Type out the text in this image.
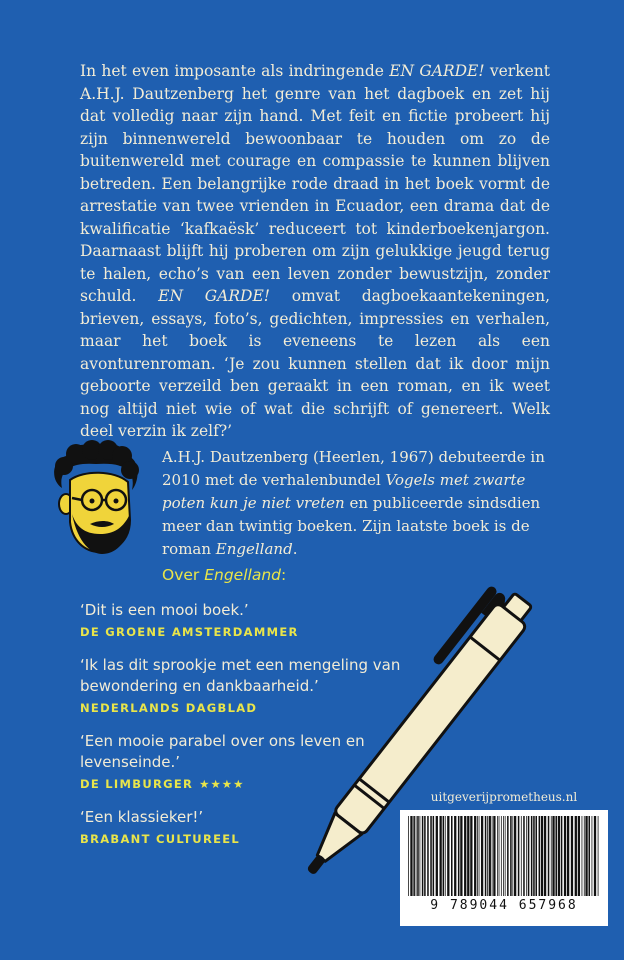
In het even imposante als indringende EN GARDE! verkent A.H.J. Dautzenberg het genre van het dagboek en zet hij dat volledig naar zijn hand. Met feit en fictie probeert hij zijn binnenwereld bewoonbaar te houden om zo de buitenwereld met courage en compassie te kunnen blijven betreden. Een belangrijke rode draad in het boek vormt de arrestatie van twee vrienden in Ecuador, een drama dat de kwalificatie ‘kafkaësk’ reduceert tot kinderboekenjargon. Daarnaast blijft hij proberen om zijn gelukkige jeugd terug te halen, echo’s van een leven zonder bewustzijn, zonder schuld. EN GARDE! omvat dagboekaantekeningen, brieven, essays, foto’s, gedichten, impressies en verhalen, maar het boek is eveneens te lezen als een avonturenroman. ‘Je zou kunnen stellen dat ik door mijn geboorte verzeild ben geraakt in een roman, en ik weet nog altijd niet wie of wat die schrijft of genereert. Welk deel verzin ik zelf?’

A.H.J. Dautzenberg (Heerlen, 1967) debuteerde in 2010 met de verhalenbundel Vogels met zwarte poten kun je niet vreten en publiceerde sindsdien meer dan twintig boeken. Zijn laatste boek is de roman Engelland.

Over Engelland:

‘Dit is een mooi boek.’

DE GROENE AMSTERDAMMER

‘Ik las dit sprookje met een mengeling van bewondering en dankbaarheid.’

NEDERLANDS DAGBLAD

‘Een mooie parabel over ons leven en levenseinde.’

DE LIMBURGER ★★★★

‘Een klassieker!’

BRABANT CULTUREEL
uitgeverijprometheus.nl
9 789044 657968
